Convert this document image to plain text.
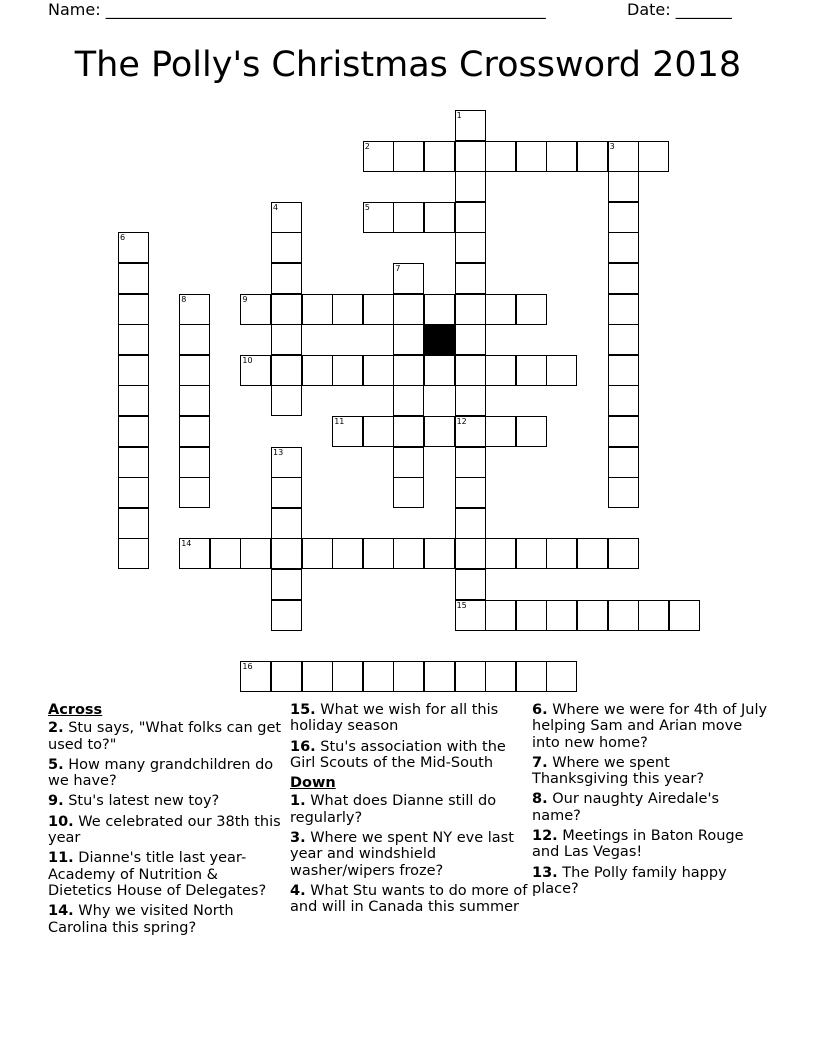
Name: _______________________________________________________	Date: _______
The Polly's Christmas Crossword 2018
1
2	3
4	5
6
7
8	9
10
11	12
13
14
15
16
Across
2. Stu says, "What folks can get used to?"
5. How many grandchildren do we have?
9. Stu's latest new toy?
10. We celebrated our 38th this year
11. Dianne's title last year-Academy of Nutrition & Dietetics House of Delegates?
14. Why we visited North Carolina this spring?
15. What we wish for all this holiday season
16. Stu's association with the Girl Scouts of the Mid-South
Down
1. What does Dianne still do regularly?
3. Where we spent NY eve last year and windshield washer/wipers froze?
4. What Stu wants to do more of and will in Canada this summer
6. Where we were for 4th of July helping Sam and Arian move into new home?
7. Where we spent Thanksgiving this year?
8. Our naughty Airedale's name?
12. Meetings in Baton Rouge and Las Vegas!
13. The Polly family happy place?
